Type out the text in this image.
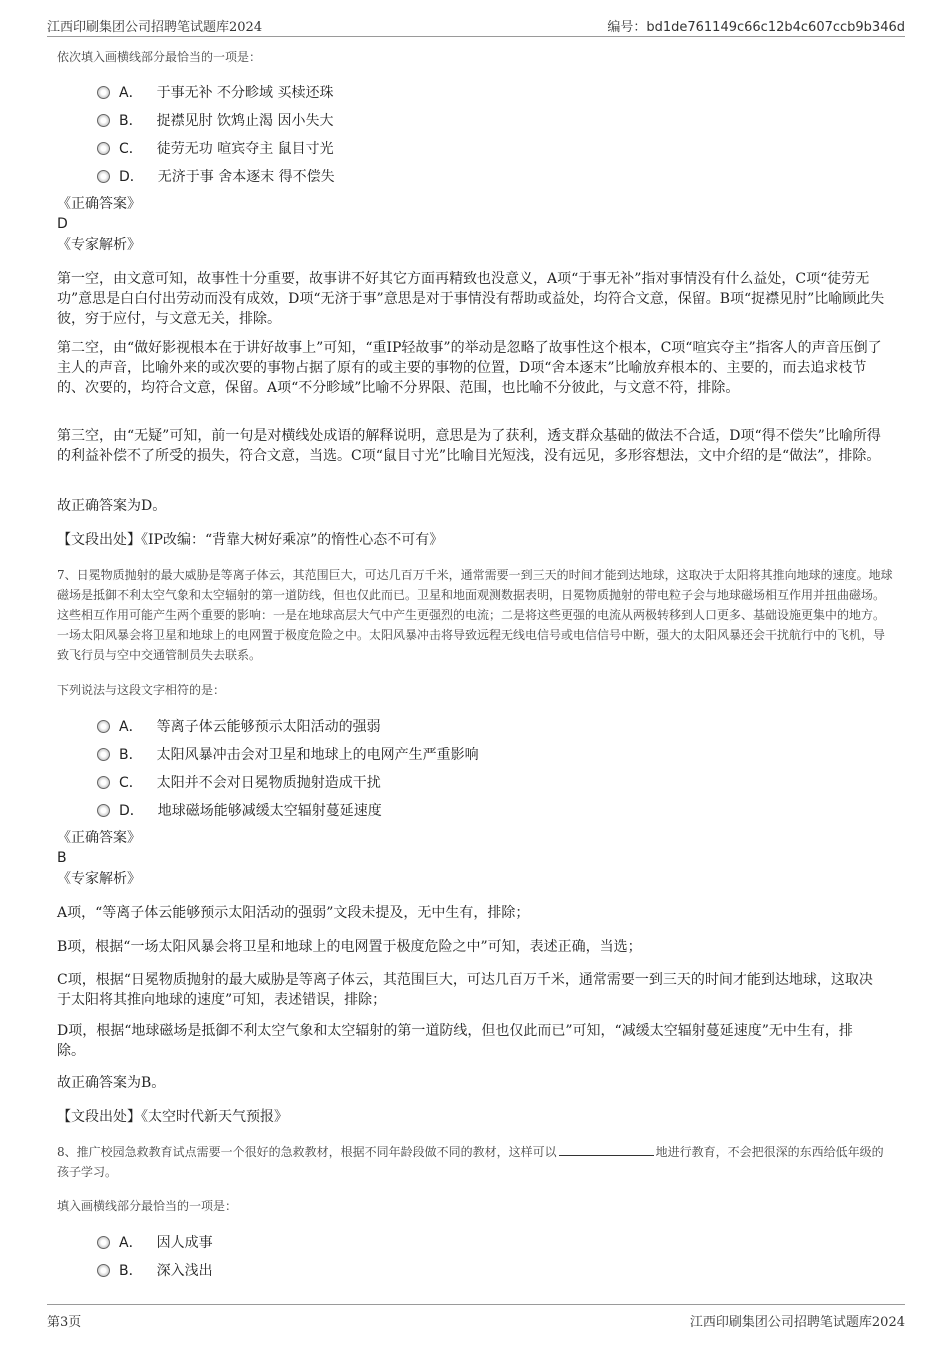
江西印刷集团公司招聘笔试题库2024	编号：bd1de761149c66c12b4c607ccb9b346d
依次填入画横线部分最恰当的一项是：
A． 于事无补 不分畛域 买椟还珠
B． 捉襟见肘 饮鸩止渴 因小失大
C． 徒劳无功 喧宾夺主 鼠目寸光
D． 无济于事 舍本逐末 得不偿失
《正确答案》
D
《专家解析》
第一空，由文意可知，故事性十分重要，故事讲不好其它方面再精致也没意义，A项“于事无补”指对事情没有什么益处，C项“徒劳无功”意思是白白付出劳动而没有成效，D项“无济于事”意思是对于事情没有帮助或益处，均符合文意，保留。B项“捉襟见肘”比喻顾此失彼，穷于应付，与文意无关，排除。
第二空，由“做好影视根本在于讲好故事上”可知，“重IP轻故事”的举动是忽略了故事性这个根本，C项“喧宾夺主”指客人的声音压倒了主人的声音，比喻外来的或次要的事物占据了原有的或主要的事物的位置，D项“舍本逐末”比喻放弃根本的、主要的，而去追求枝节的、次要的，均符合文意，保留。A项“不分畛域”比喻不分界限、范围，也比喻不分彼此，与文意不符，排除。
第三空，由“无疑”可知，前一句是对横线处成语的解释说明，意思是为了获利，透支群众基础的做法不合适，D项“得不偿失”比喻所得的利益补偿不了所受的损失，符合文意，当选。C项“鼠目寸光”比喻目光短浅，没有远见，多形容想法，文中介绍的是“做法”，排除。
故正确答案为D。
【文段出处】《IP改编：“背靠大树好乘凉”的惰性心态不可有》
7、日冕物质抛射的最大威胁是等离子体云，其范围巨大，可达几百万千米，通常需要一到三天的时间才能到达地球，这取决于太阳将其推向地球的速度。地球磁场是抵御不利太空气象和太空辐射的第一道防线，但也仅此而已。卫星和地面观测数据表明，日冕物质抛射的带电粒子会与地球磁场相互作用并扭曲磁场。这些相互作用可能产生两个重要的影响：一是在地球高层大气中产生更强烈的电流；二是将这些更强的电流从两极转移到人口更多、基础设施更集中的地方。一场太阳风暴会将卫星和地球上的电网置于极度危险之中。太阳风暴冲击将导致远程无线电信号或电信信号中断，强大的太阳风暴还会干扰航行中的飞机，导致飞行员与空中交通管制员失去联系。
下列说法与这段文字相符的是：
A． 等离子体云能够预示太阳活动的强弱
B． 太阳风暴冲击会对卫星和地球上的电网产生严重影响
C． 太阳并不会对日冕物质抛射造成干扰
D． 地球磁场能够减缓太空辐射蔓延速度
《正确答案》
B
《专家解析》
A项，“等离子体云能够预示太阳活动的强弱”文段未提及，无中生有，排除；
B项，根据“一场太阳风暴会将卫星和地球上的电网置于极度危险之中”可知，表述正确，当选；
C项，根据“日冕物质抛射的最大威胁是等离子体云，其范围巨大，可达几百万千米，通常需要一到三天的时间才能到达地球，这取决于太阳将其推向地球的速度”可知，表述错误，排除；
D项，根据“地球磁场是抵御不利太空气象和太空辐射的第一道防线，但也仅此而已”可知，“减缓太空辐射蔓延速度”无中生有，排除。
故正确答案为B。
【文段出处】《太空时代新天气预报》
8、推广校园急救教育试点需要一个很好的急救教材，根据不同年龄段做不同的教材，这样可以	地进行教育，不会把很深的东西给低年级的孩子学习。
填入画横线部分最恰当的一项是：
A． 因人成事
B． 深入浅出
第3页	江西印刷集团公司招聘笔试题库2024
